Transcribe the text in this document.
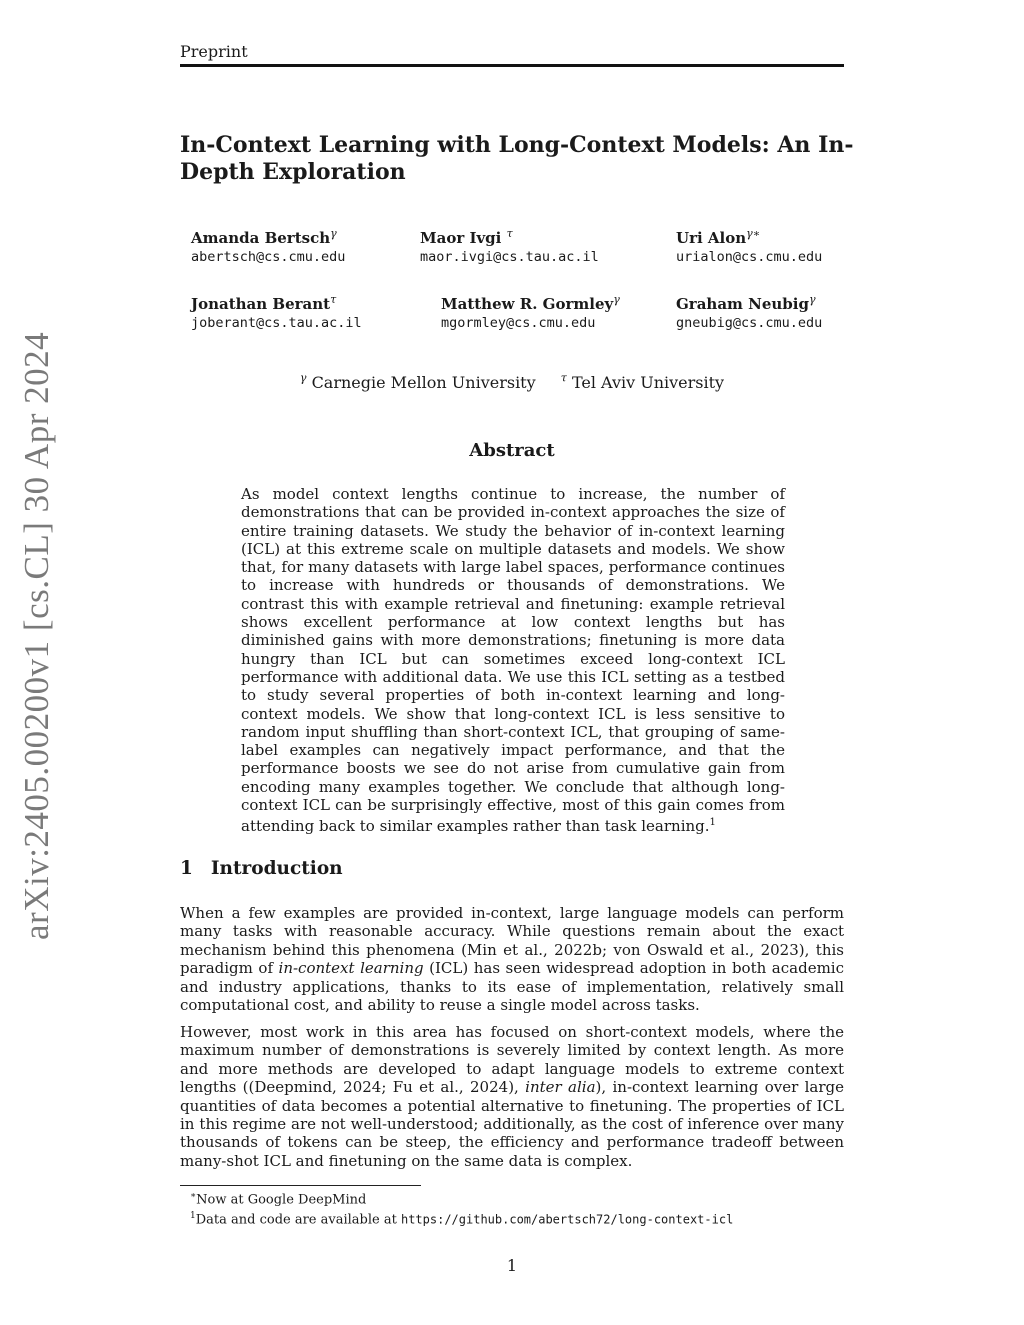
Preprint
arXiv:2405.00200v1 [cs.CL] 30 Apr 2024
In-Context Learning with Long-Context Models: An In-Depth Exploration
Amanda Bertsch$^\gamma$
abertsch@cs.cmu.edu
Maor Ivgi $^\tau$
maor.ivgi@cs.tau.ac.il
Uri Alon$^{\gamma∗}$
urialon@cs.cmu.edu
Jonathan Berant$^\tau$
joberant@cs.tau.ac.il
Matthew R. Gormley$^\gamma$
mgormley@cs.cmu.edu
Graham Neubig$^\gamma$
gneubig@cs.cmu.edu
$^\gamma$ Carnegie Mellon University $^\tau$ Tel Aviv University
Abstract
As model context lengths continue to increase, the number of demonstrations that can be provided in-context approaches the size of entire training datasets. We study the behavior of in-context learning (ICL) at this extreme scale on multiple datasets and models. We show that, for many datasets with large label spaces, performance continues to increase with hundreds or thousands of demonstrations. We contrast this with example retrieval and finetuning: example retrieval shows excellent performance at low context lengths but has diminished gains with more demonstrations; finetuning is more data hungry than ICL but can sometimes exceed long-context ICL performance with additional data. We use this ICL setting as a testbed to study several properties of both in-context learning and long-context models. We show that long-context ICL is less sensitive to random input shuffling than short-context ICL, that grouping of same-label examples can negatively impact performance, and that the performance boosts we see do not arise from cumulative gain from encoding many examples together. We conclude that although long-context ICL can be surprisingly effective, most of this gain comes from attending back to similar examples rather than task learning.$^1$
1 Introduction
When a few examples are provided in-context, large language models can perform many tasks with reasonable accuracy. While questions remain about the exact mechanism behind this phenomena (Min et al., 2022b; von Oswald et al., 2023), this paradigm of in-context learning (ICL) has seen widespread adoption in both academic and industry applications, thanks to its ease of implementation, relatively small computational cost, and ability to reuse a single model across tasks.
However, most work in this area has focused on short-context models, where the maximum number of demonstrations is severely limited by context length. As more and more methods are developed to adapt language models to extreme context lengths ((Deepmind, 2024; Fu et al., 2024), inter alia), in-context learning over large quantities of data becomes a potential alternative to finetuning. The properties of ICL in this regime are not well-understood; additionally, as the cost of inference over many thousands of tokens can be steep, the efficiency and performance tradeoff between many-shot ICL and finetuning on the same data is complex.
∗Now at Google DeepMind
$^1$Data and code are available at https://github.com/abertsch72/long-context-icl
1
